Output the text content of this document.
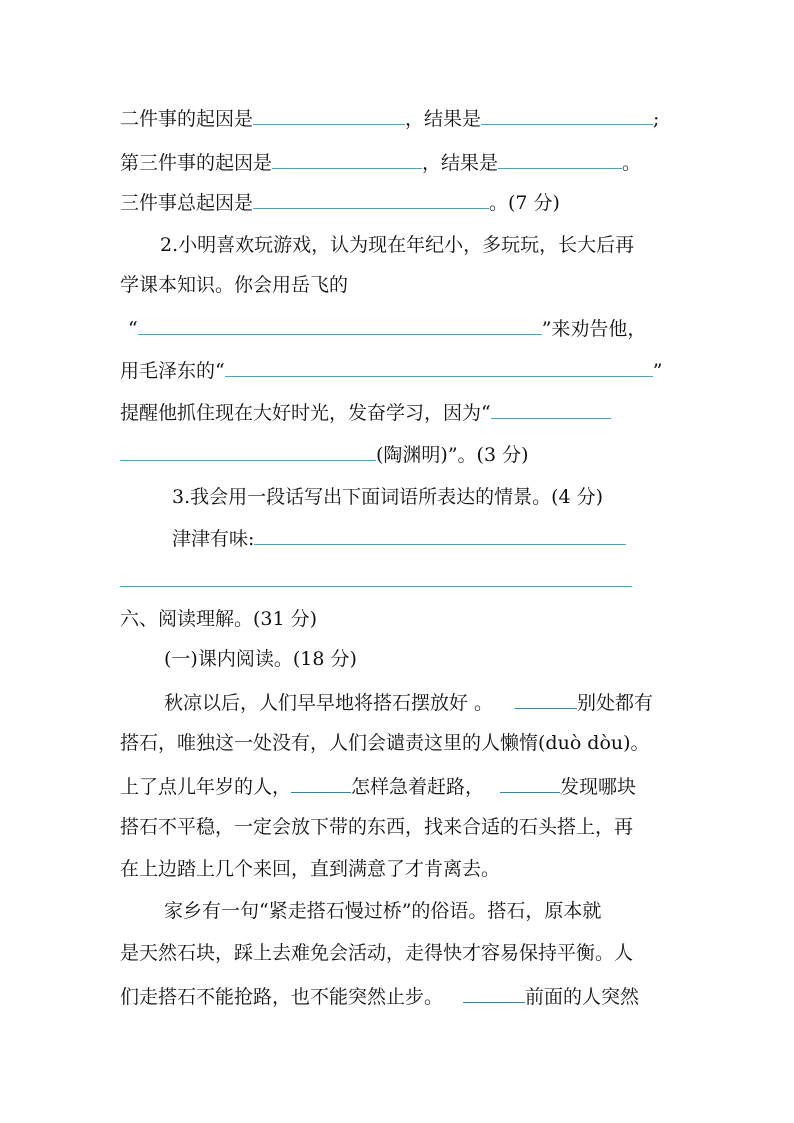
二件事的起因是	，结果是	;
第三件事的起因是	，结果是	。
三件事总起因是	。(7 分)
2.小明喜欢玩游戏，认为现在年纪小，多玩玩，长大后再
学课本知识。你会用岳飞的
“	”来劝告他，
用毛泽东的“	”
提醒他抓住现在大好时光，发奋学习，因为“
(陶渊明)”。(3 分)
3.我会用一段话写出下面词语所表达的情景。(4 分)
津津有味:
六、阅读理解。(31 分)
(一)课内阅读。(18 分)
秋凉以后，人们早早地将搭石摆放好 。	别处都有
搭石，唯独这一处没有，人们会谴责这里的人懒惰(duò dòu)。
上了点儿年岁的人，	怎样急着赶路，	发现哪块
搭石不平稳，一定会放下带的东西，找来合适的石头搭上，再
在上边踏上几个来回，直到满意了才肯离去。
家乡有一句“紧走搭石慢过桥”的俗语。搭石，原本就
是天然石块，踩上去难免会活动，走得快才容易保持平衡。人
们走搭石不能抢路，也不能突然止步。	前面的人突然
